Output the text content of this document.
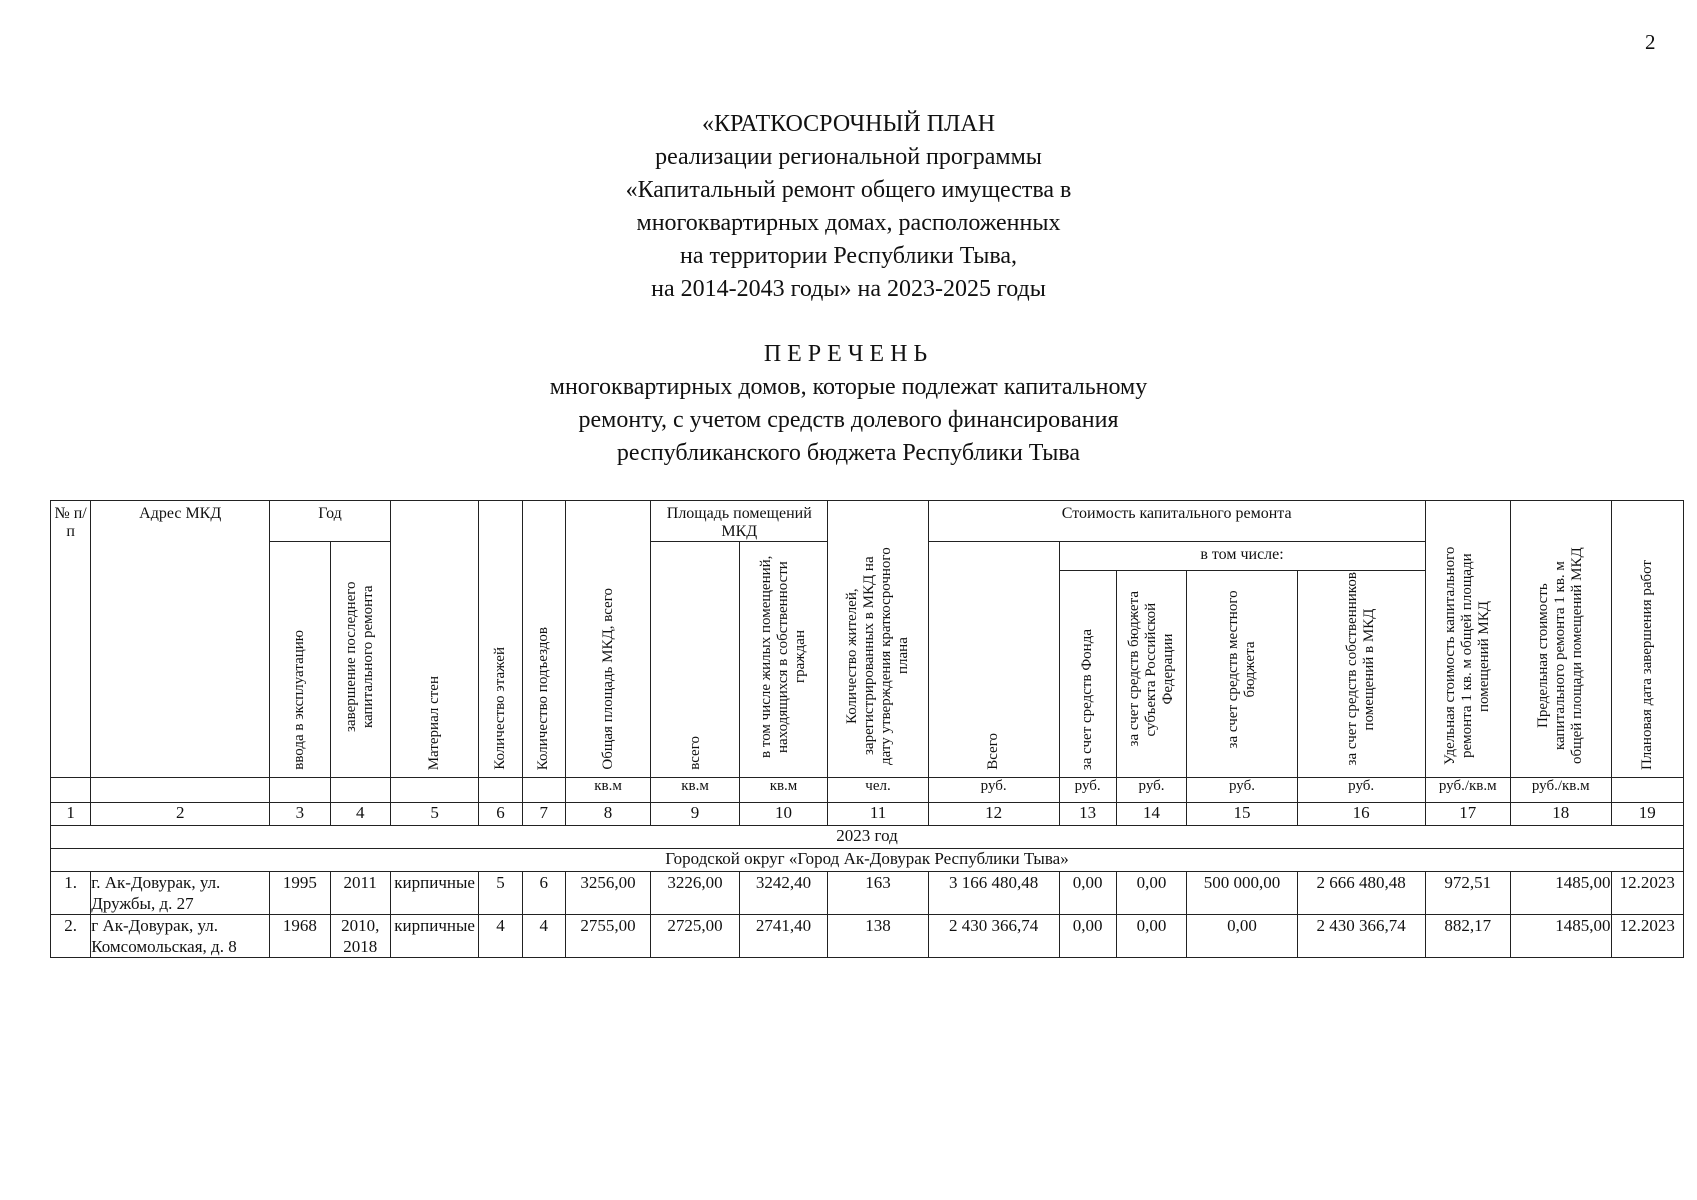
2
«КРАТКОСРОЧНЫЙ ПЛАН
реализации региональной программы
«Капитальный ремонт общего имущества в
многоквартирных домах, расположенных
на территории Республики Тыва,
на 2014-2043 годы» на 2023-2025 годы
ПЕРЕЧЕНЬ
многоквартирных домов, которые подлежат капитальному
ремонту, с учетом средств долевого финансирования
республиканского бюджета Республики Тыва
№ п/п	Адрес МКД	Год		Материал стен	Количество этажей	Количество подъездов	Общая площадь МКД, всего	Площадь помещений МКД		Количество жителей, зарегистрированных в МКД на дату утверждения краткосрочного плана	Стоимость капитального ремонта					Удельная стоимость капитального ремонта 1 кв. м общей площади помещений МКД	Предельная стоимость капитального ремонта 1 кв. м общей площади помещений МКД	Плановая дата завершения работ
		ввода в эксплуатацию	завершение последнего капитального ремонта					всего	в том числе жилых помещений, находящихся в собственности граждан		Всего	в том числе:						
												за счет средств Фонда	за счет средств бюджета субъекта Российской Федерации	за счет средств местного бюджета	за счет средств собственников помещений в МКД			
							кв.м	кв.м	кв.м	чел.	руб.	руб.	руб.	руб.	руб.	руб./кв.м	руб./кв.м	
1	2	3	4	5	6	7	8	9	10	11	12	13	14	15	16	17	18	19
2023 год																		
Городской округ «Город Ак-Довурак Республики Тыва»																		
1.	г. Ак-Довурак, ул. Дружбы, д. 27	1995	2011	кирпичные	5	6	3256,00	3226,00	3242,40	163	3 166 480,48	0,00	0,00	500 000,00	2 666 480,48	972,51	1485,00	12.2023
2.	г Ак-Довурак, ул. Комсомольская, д. 8	1968	2010, 2018	кирпичные	4	4	2755,00	2725,00	2741,40	138	2 430 366,74	0,00	0,00	0,00	2 430 366,74	882,17	1485,00	12.2023
